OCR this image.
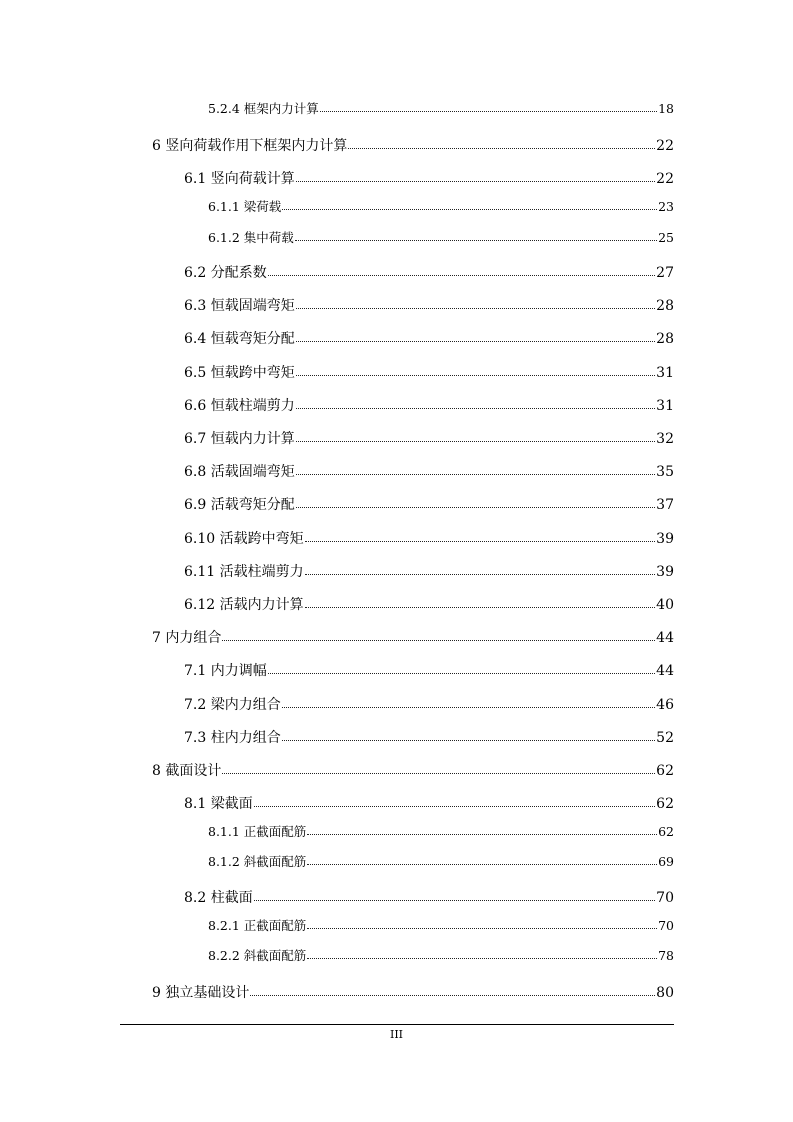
5.2.4 框架内力计算	18
6 竖向荷载作用下框架内力计算	22
6.1 竖向荷载计算	22
6.1.1 梁荷载	23
6.1.2 集中荷载	25
6.2 分配系数	27
6.3 恒载固端弯矩	28
6.4 恒载弯矩分配	28
6.5 恒载跨中弯矩	31
6.6 恒载柱端剪力	31
6.7 恒载内力计算	32
6.8 活载固端弯矩	35
6.9 活载弯矩分配	37
6.10 活载跨中弯矩	39
6.11 活载柱端剪力	39
6.12 活载内力计算	40
7 内力组合	44
7.1 内力调幅	44
7.2 梁内力组合	46
7.3 柱内力组合	52
8 截面设计	62
8.1 梁截面	62
8.1.1 正截面配筋	62
8.1.2 斜截面配筋	69
8.2 柱截面	70
8.2.1 正截面配筋	70
8.2.2 斜截面配筋	78
9 独立基础设计	80
III
